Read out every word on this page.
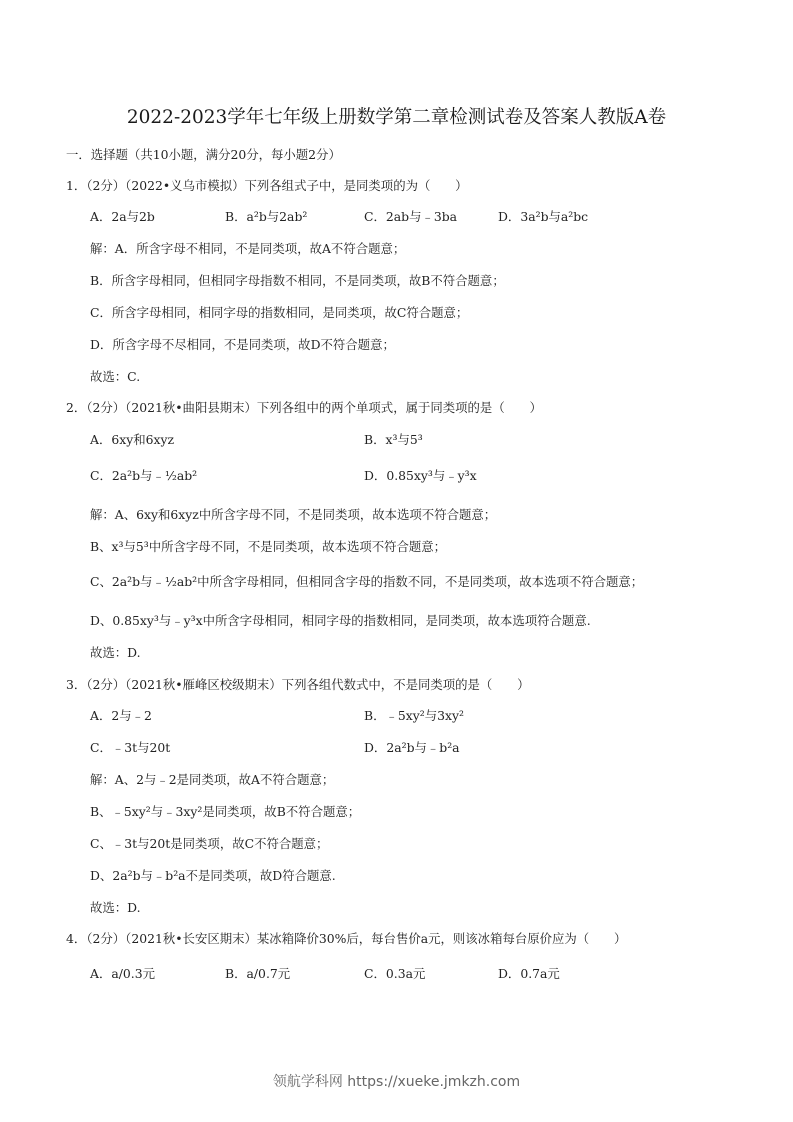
2022-2023学年七年级上册数学第二章检测试卷及答案人教版A卷
一．选择题（共10小题，满分20分，每小题2分）
1．（2分）（2022•义乌市模拟）下列各组式子中，是同类项的为（　　）
A．2a与2b	B．a²b与2ab²	C．2ab与﹣3ba	D．3a²b与a²bc
解：A．所含字母不相同，不是同类项，故A不符合题意；
B．所含字母相同，但相同字母指数不相同，不是同类项，故B不符合题意；
C．所含字母相同，相同字母的指数相同，是同类项，故C符合题意；
D．所含字母不尽相同，不是同类项，故D不符合题意；
故选：C.
2．（2分）（2021秋•曲阳县期末）下列各组中的两个单项式，属于同类项的是（　　）
A．6xy和6xyz	B．x³与5³
C．2a²b与﹣½ab²	D．0.85xy³与﹣y³x
解：A、6xy和6xyz中所含字母不同，不是同类项，故本选项不符合题意；
B、x³与5³中所含字母不同，不是同类项，故本选项不符合题意；
C、2a²b与﹣½ab²中所含字母相同，但相同含字母的指数不同，不是同类项，故本选项不符合题意；
D、0.85xy³与﹣y³x中所含字母相同，相同字母的指数相同，是同类项，故本选项符合题意.
故选：D.
3．（2分）（2021秋•雁峰区校级期末）下列各组代数式中，不是同类项的是（　　）
A．2与﹣2	B．﹣5xy²与3xy²
C．﹣3t与20t	D．2a²b与﹣b²a
解：A、2与﹣2是同类项，故A不符合题意；
B、﹣5xy²与﹣3xy²是同类项，故B不符合题意；
C、﹣3t与20t是同类项，故C不符合题意；
D、2a²b与﹣b²a不是同类项，故D符合题意.
故选：D.
4．（2分）（2021秋•长安区期末）某冰箱降价30%后，每台售价a元，则该冰箱每台原价应为（　　）
A．a/0.3元	B．a/0.7元	C．0.3a元	D．0.7a元
领航学科网 https://xueke.jmkzh.com
